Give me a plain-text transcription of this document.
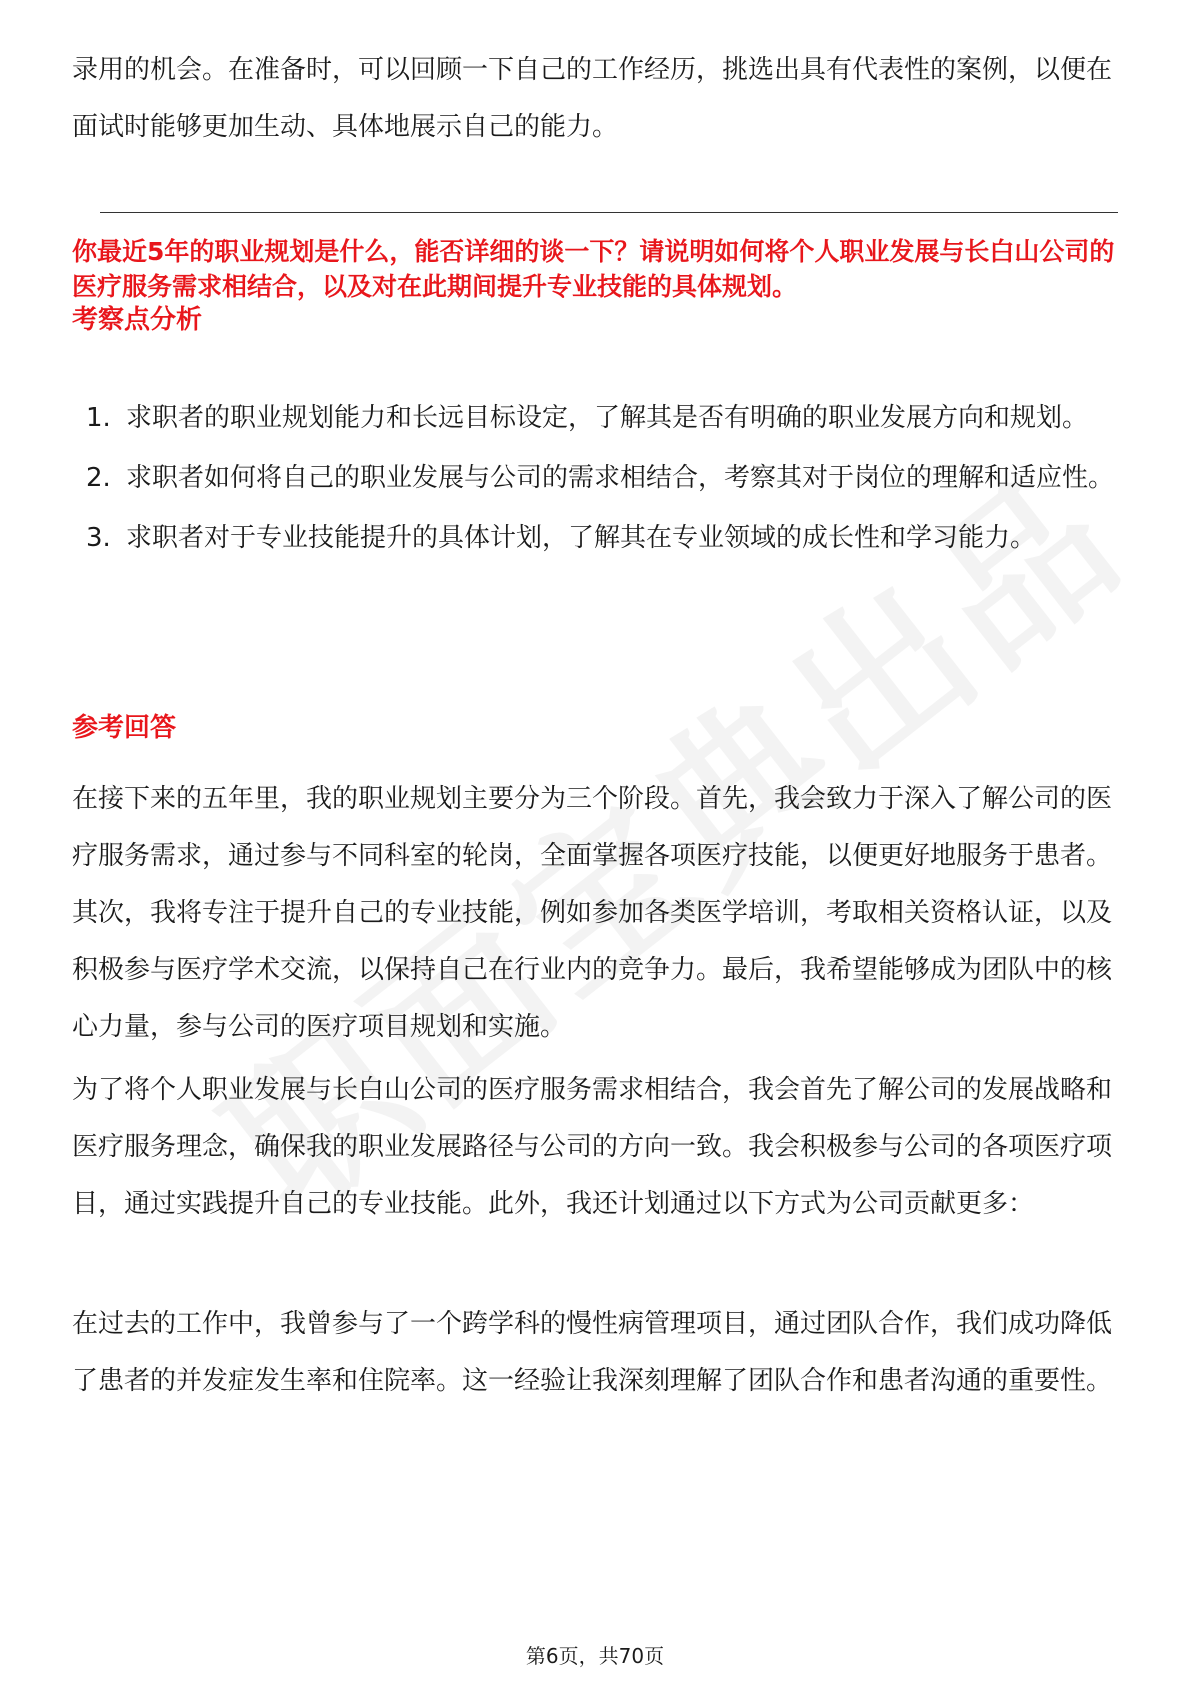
录用的机会。在准备时，可以回顾一下自己的工作经历，挑选出具有代表性的案例，以便在面试时能够更加生动、具体地展示自己的能力。

你最近5年的职业规划是什么，能否详细的谈一下？请说明如何将个人职业发展与长白山公司的医疗服务需求相结合，以及对在此期间提升专业技能的具体规划。

考察点分析

1. 求职者的职业规划能力和长远目标设定，了解其是否有明确的职业发展方向和规划。
2. 求职者如何将自己的职业发展与公司的需求相结合，考察其对于岗位的理解和适应性。
3. 求职者对于专业技能提升的具体计划，了解其在专业领域的成长性和学习能力。

参考回答

在接下来的五年里，我的职业规划主要分为三个阶段。首先，我会致力于深入了解公司的医疗服务需求，通过参与不同科室的轮岗，全面掌握各项医疗技能，以便更好地服务于患者。其次，我将专注于提升自己的专业技能，例如参加各类医学培训，考取相关资格认证，以及积极参与医疗学术交流，以保持自己在行业内的竞争力。最后，我希望能够成为团队中的核心力量，参与公司的医疗项目规划和实施。

为了将个人职业发展与长白山公司的医疗服务需求相结合，我会首先了解公司的发展战略和医疗服务理念，确保我的职业发展路径与公司的方向一致。我会积极参与公司的各项医疗项目，通过实践提升自己的专业技能。此外，我还计划通过以下方式为公司贡献更多：

在过去的工作中，我曾参与了一个跨学科的慢性病管理项目，通过团队合作，我们成功降低了患者的并发症发生率和住院率。这一经验让我深刻理解了团队合作和患者沟通的重要性。

第6页，共70页
